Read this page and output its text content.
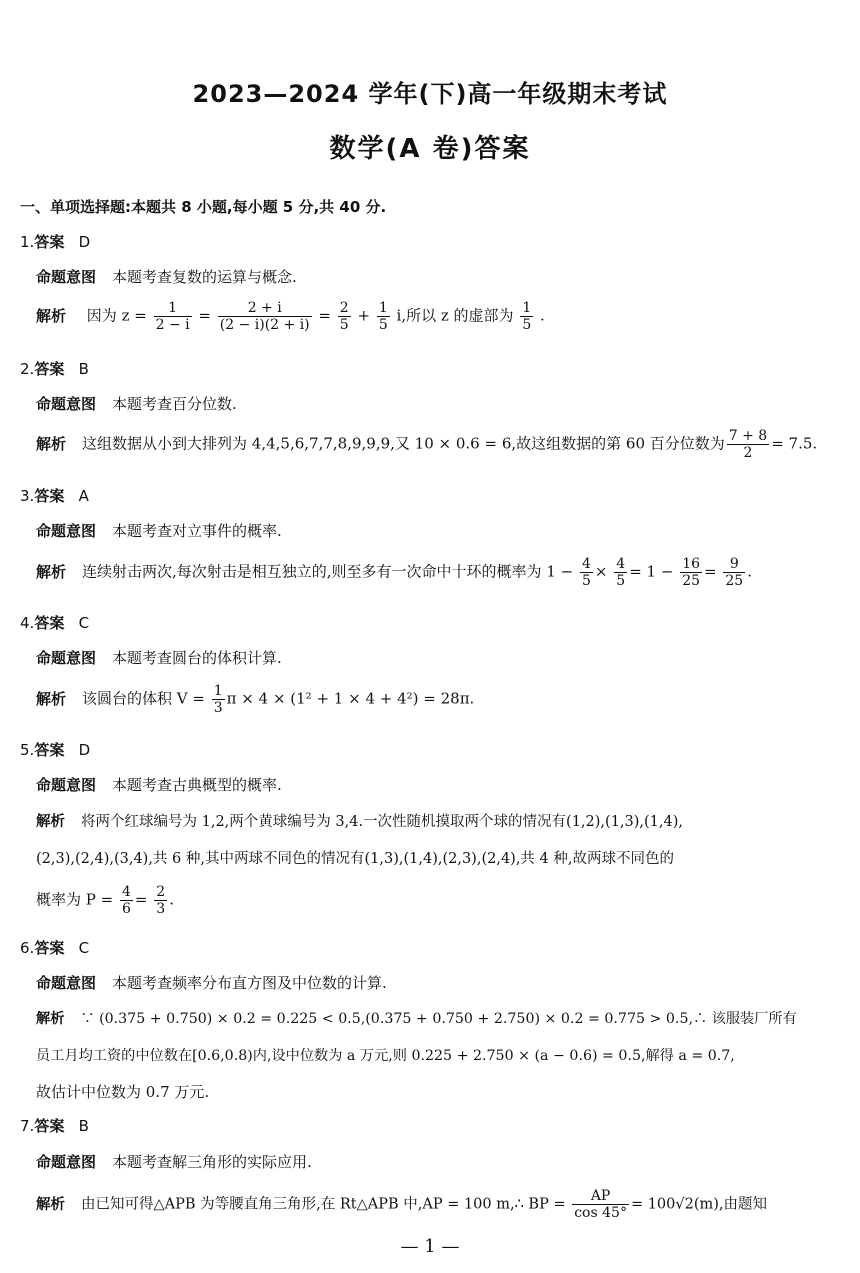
2023—2024 学年(下)高一年级期末考试
数学(A 卷)答案
一、单项选择题:本题共 8 小题,每小题 5 分,共 40 分.
1.答案 D
命题意图 本题考查复数的运算与概念.
解析 因为 $z = \frac{1}{2 - i} = \frac{2 + i}{(2 - i)(2 + i)} = \frac{2}{5} + \frac{1}{5} i$,所以 z 的虚部为 $\frac{1}{5}$ .
2.答案 B
命题意图 本题考查百分位数.
解析 这组数据从小到大排列为 4,4,5,6,7,7,8,9,9,9,又 10 × 0.6 = 6,故这组数据的第 60 百分位数为 $\frac{7 + 8}{2} = 7.5$.
3.答案 A
命题意图 本题考查对立事件的概率.
解析 连续射击两次,每次射击是相互独立的,则至多有一次命中十环的概率为 $1 - \frac{4}{5} \times \frac{4}{5} = 1 - \frac{16}{25} = \frac{9}{25}$ .
4.答案 C
命题意图 本题考查圆台的体积计算.
解析 该圆台的体积 $V = \frac{1}{3}$ π × 4 × (1² + 1 × 4 + 4²) = 28π.
5.答案 D
命题意图 本题考查古典概型的概率.
解析 将两个红球编号为 1,2,两个黄球编号为 3,4.一次性随机摸取两个球的情况有(1,2),(1,3),(1,4),
(2,3),(2,4),(3,4),共 6 种,其中两球不同色的情况有(1,3),(1,4),(2,3),(2,4),共 4 种,故两球不同色的
概率为 $P = \frac{4}{6} = \frac{2}{3}$ .
6.答案 C
命题意图 本题考查频率分布直方图及中位数的计算.
解析 ∵ (0.375 + 0.750) × 0.2 = 0.225 < 0.5,(0.375 + 0.750 + 2.750) × 0.2 = 0.775 > 0.5,∴ 该服装厂所有
员工月均工资的中位数在[0.6,0.8)内,设中位数为 a 万元,则 0.225 + 2.750 × (a − 0.6) = 0.5,解得 a = 0.7,
故估计中位数为 0.7 万元.
7.答案 B
命题意图 本题考查解三角形的实际应用.
解析 由已知可得△APB 为等腰直角三角形,在 Rt△APB 中,AP = 100 m,∴ BP = $\frac{AP}{\cos 45^\circ} = 100√2(m)$,由题知
— 1 —
